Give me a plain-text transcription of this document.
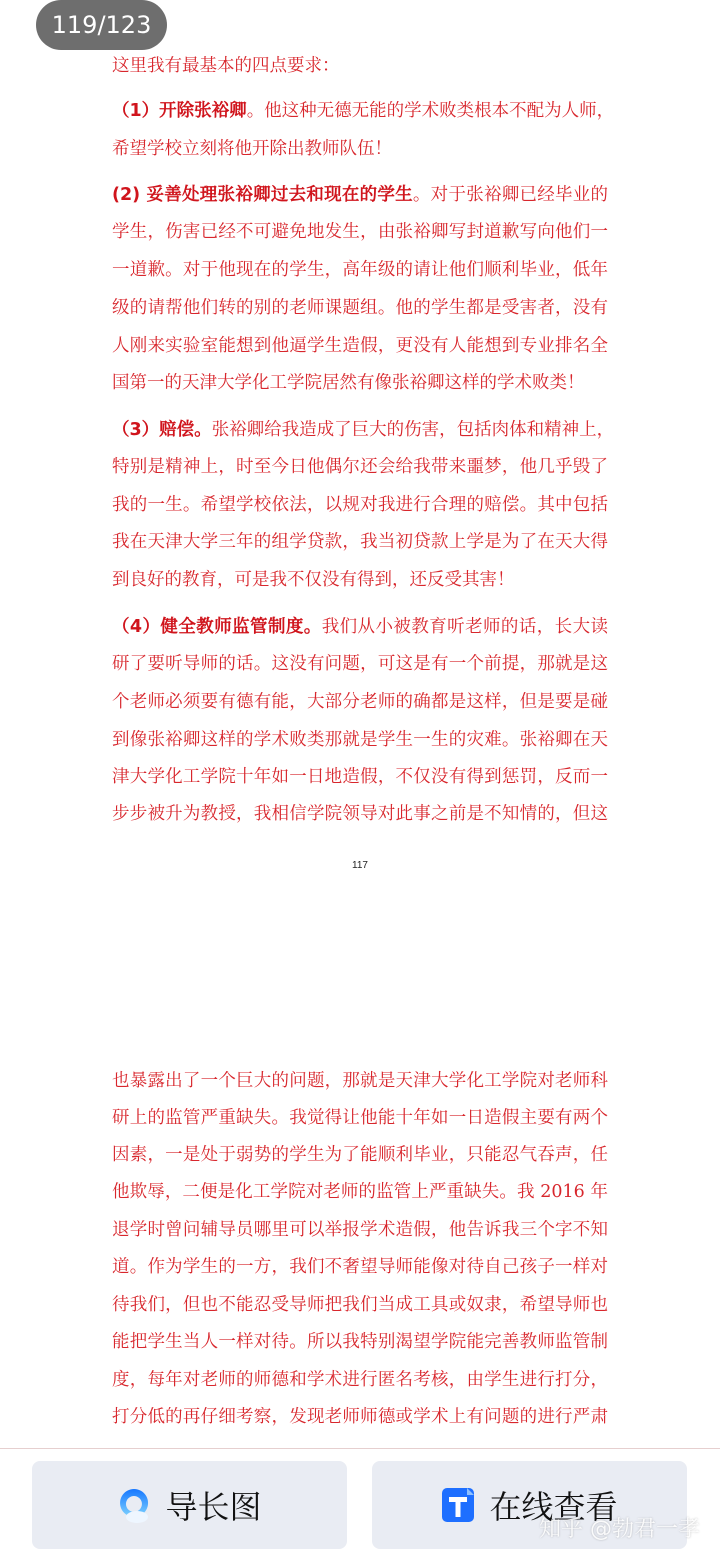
这里我有最基本的四点要求：
（1）开除张裕卿。他这种无德无能的学术败类根本不配为人师，
希望学校立刻将他开除出教师队伍！
(2) 妥善处理张裕卿过去和现在的学生。对于张裕卿已经毕业的
学生，伤害已经不可避免地发生，由张裕卿写封道歉写向他们一
一道歉。对于他现在的学生，高年级的请让他们顺利毕业，低年
级的请帮他们转的别的老师课题组。他的学生都是受害者，没有
人刚来实验室能想到他逼学生造假，更没有人能想到专业排名全
国第一的天津大学化工学院居然有像张裕卿这样的学术败类！
（3）赔偿。张裕卿给我造成了巨大的伤害，包括肉体和精神上，
特别是精神上，时至今日他偶尔还会给我带来噩梦，他几乎毁了
我的一生。希望学校依法，以规对我进行合理的赔偿。其中包括
我在天津大学三年的组学贷款，我当初贷款上学是为了在天大得
到良好的教育，可是我不仅没有得到，还反受其害！
（4）健全教师监管制度。我们从小被教育听老师的话，长大读
研了要听导师的话。这没有问题，可这是有一个前提，那就是这
个老师必须要有德有能，大部分老师的确都是这样，但是要是碰
到像张裕卿这样的学术败类那就是学生一生的灾难。张裕卿在天
津大学化工学院十年如一日地造假，不仅没有得到惩罚，反而一
步步被升为教授，我相信学院领导对此事之前是不知情的，但这
117
也暴露出了一个巨大的问题，那就是天津大学化工学院对老师科
研上的监管严重缺失。我觉得让他能十年如一日造假主要有两个
因素，一是处于弱势的学生为了能顺利毕业，只能忍气吞声，任
他欺辱，二便是化工学院对老师的监管上严重缺失。我 2016 年
退学时曾问辅导员哪里可以举报学术造假，他告诉我三个字不知
道。作为学生的一方，我们不奢望导师能像对待自己孩子一样对
待我们，但也不能忍受导师把我们当成工具或奴隶，希望导师也
能把学生当人一样对待。所以我特别渴望学院能完善教师监管制
度，每年对老师的师德和学术进行匿名考核，由学生进行打分，
打分低的再仔细考察，发现老师师德或学术上有问题的进行严肃
119/123
导长图	在线查看
知乎 @勃君一孝
